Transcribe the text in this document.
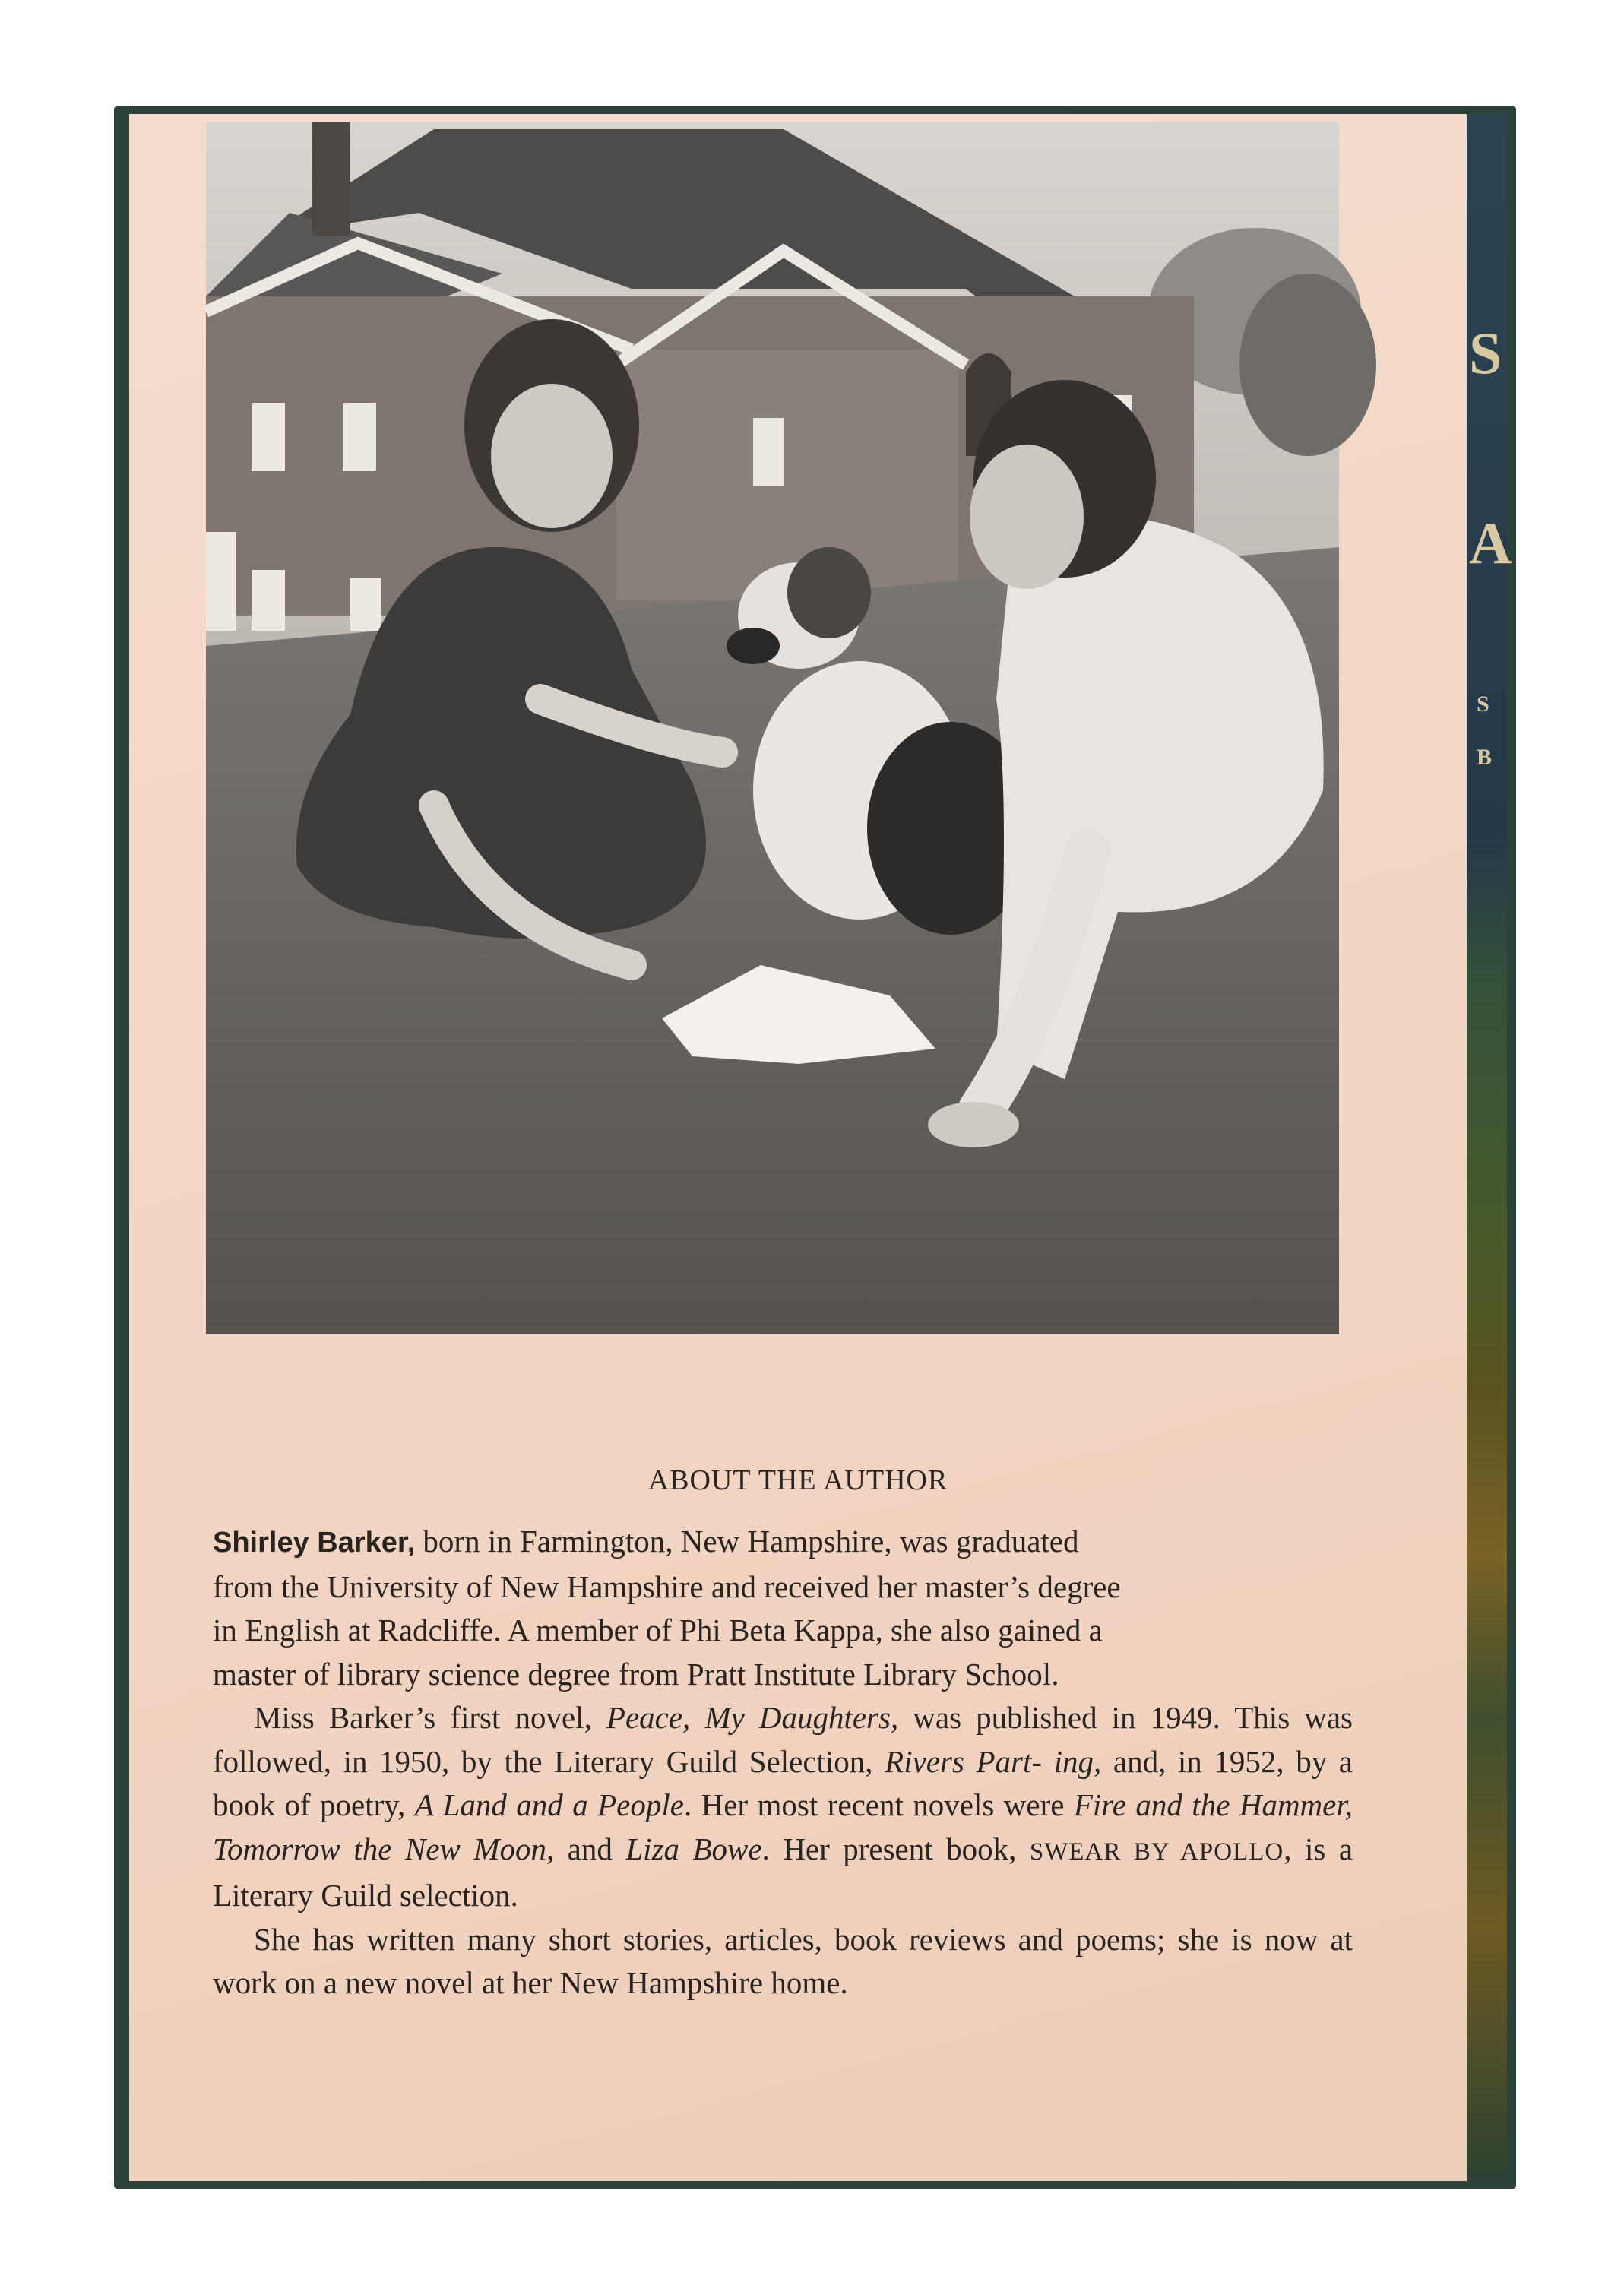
S
A
S
B
ABOUT THE AUTHOR

Shirley Barker, born in Farmington, New Hampshire, was graduated
from the University of New Hampshire and received her master’s degree
in English at Radcliffe. A member of Phi Beta Kappa, she also gained a
master of library science degree from Pratt Institute Library School.

Miss Barker’s first novel, Peace, My Daughters, was published in 1949. This was followed, in 1950, by the Literary Guild Selection, Rivers Part- ing, and, in 1952, by a book of poetry, A Land and a People. Her most recent novels were Fire and the Hammer, Tomorrow the New Moon, and Liza Bowe. Her present book, SWEAR BY APOLLO, is a Literary Guild selection.

She has written many short stories, articles, book reviews and poems; she is now at work on a new novel at her New Hampshire home.
